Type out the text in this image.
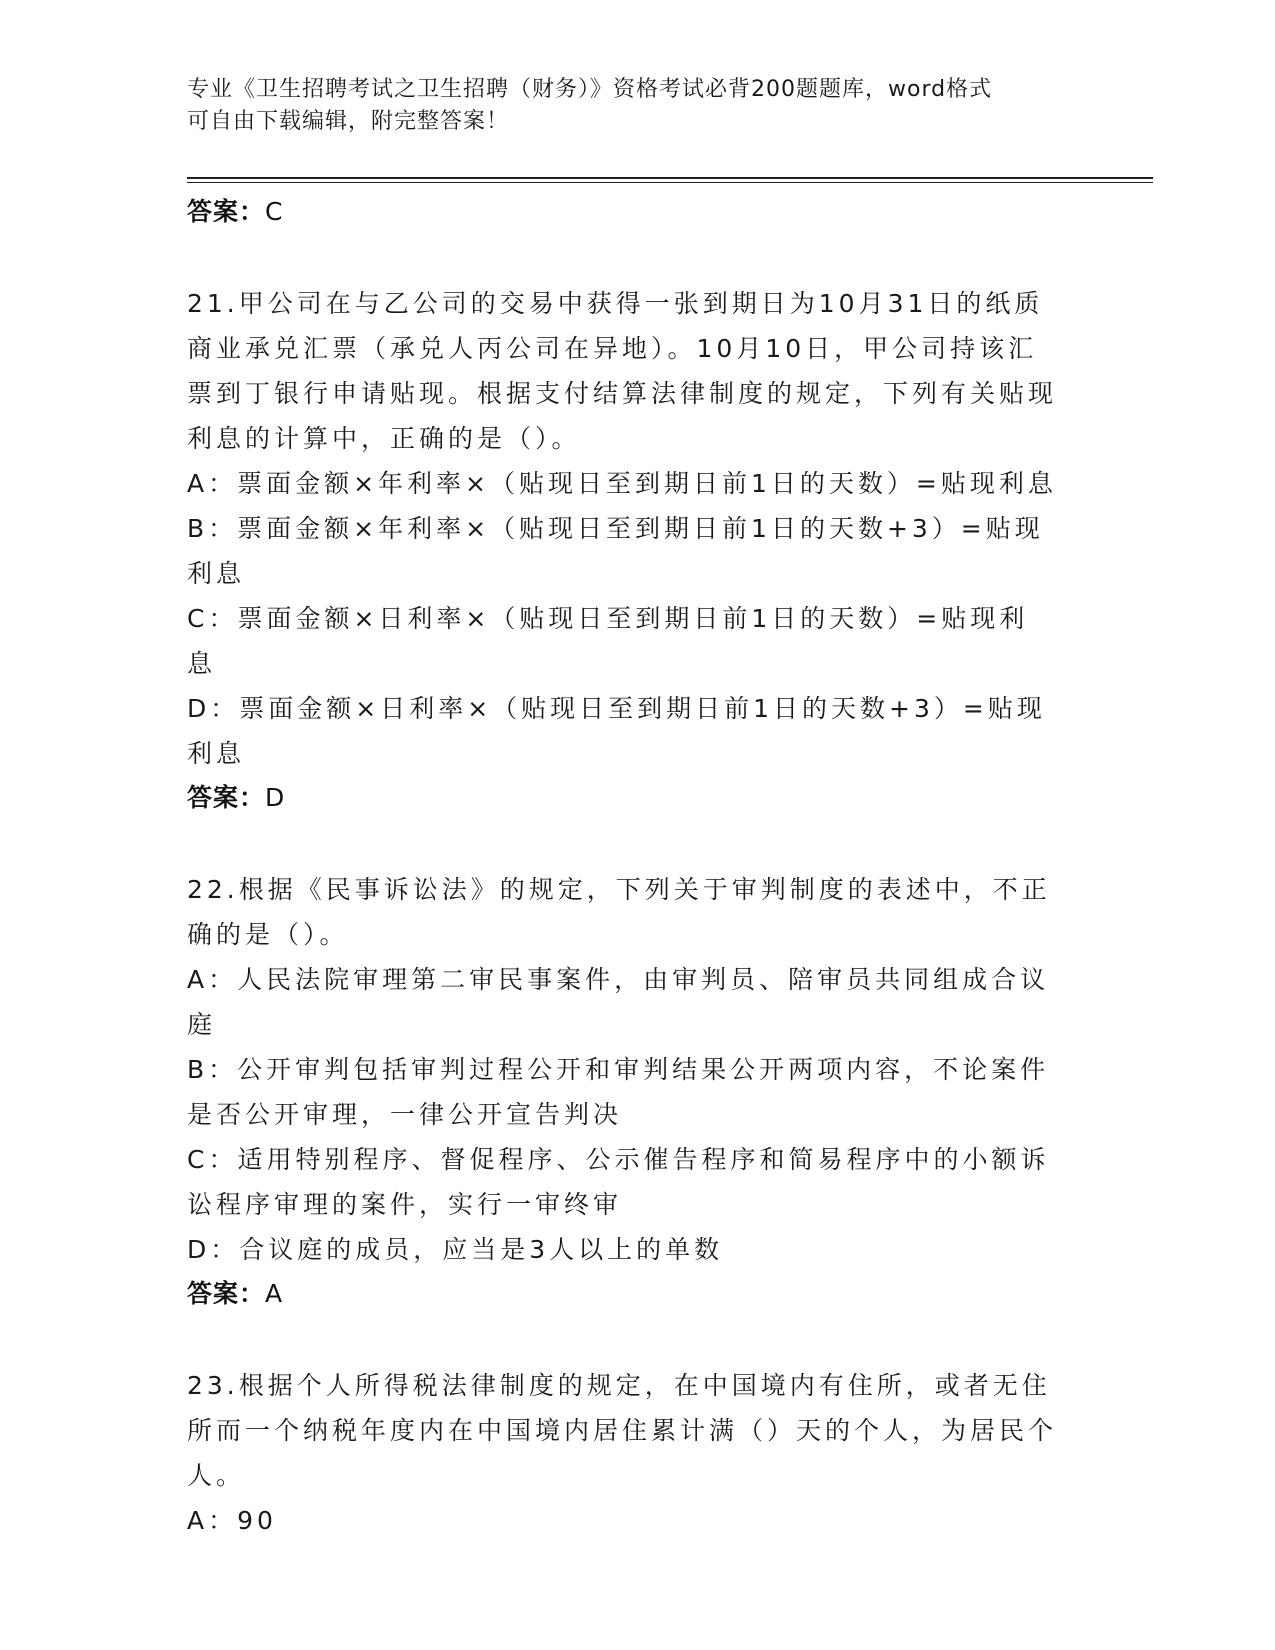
专业《卫生招聘考试之卫生招聘（财务）》资格考试必背200题题库，word格式
可自由下载编辑，附完整答案！

答案：C

21.甲公司在与乙公司的交易中获得一张到期日为10月31日的纸质商业承兑汇票（承兑人丙公司在异地）。10月10日，甲公司持该汇票到丁银行申请贴现。根据支付结算法律制度的规定，下列有关贴现利息的计算中，正确的是（）。

A：票面金额×年利率×（贴现日至到期日前1日的天数）=贴现利息

B：票面金额×年利率×（贴现日至到期日前1日的天数+3）=贴现利息

C：票面金额×日利率×（贴现日至到期日前1日的天数）=贴现利息

D：票面金额×日利率×（贴现日至到期日前1日的天数+3）=贴现利息

答案：D

22.根据《民事诉讼法》的规定，下列关于审判制度的表述中，不正确的是（）。

A：人民法院审理第二审民事案件，由审判员、陪审员共同组成合议庭

B：公开审判包括审判过程公开和审判结果公开两项内容，不论案件是否公开审理，一律公开宣告判决

C：适用特别程序、督促程序、公示催告程序和简易程序中的小额诉讼程序审理的案件，实行一审终审

D：合议庭的成员，应当是3人以上的单数

答案：A

23.根据个人所得税法律制度的规定，在中国境内有住所，或者无住所而一个纳税年度内在中国境内居住累计满（）天的个人，为居民个人。

A：90
